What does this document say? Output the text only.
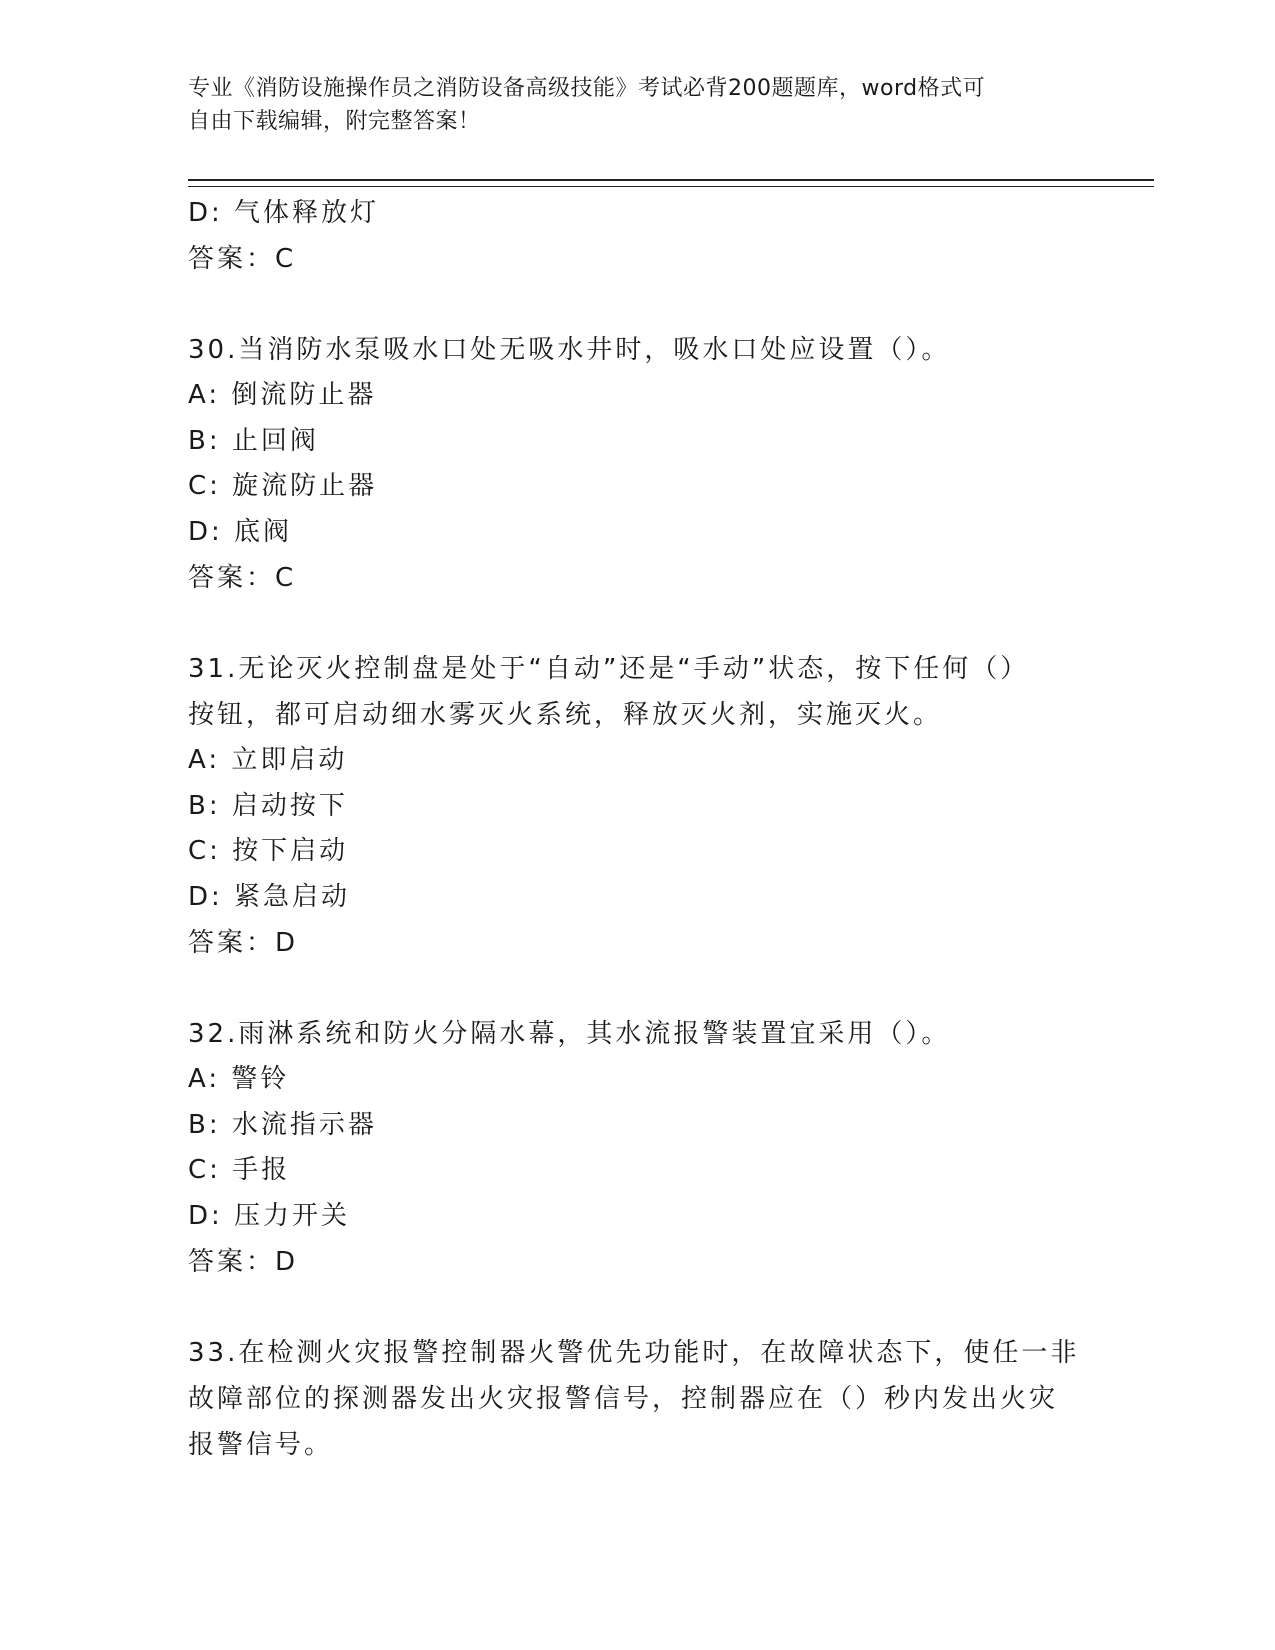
专业《消防设施操作员之消防设备高级技能》考试必背200题题库，word格式可
自由下载编辑，附完整答案！
D: 气体释放灯
答案：C
30.当消防水泵吸水口处无吸水井时，吸水口处应设置（）。
A: 倒流防止器
B: 止回阀
C: 旋流防止器
D: 底阀
答案：C
31.无论灭火控制盘是处于“自动”还是“手动”状态，按下任何（）
按钮，都可启动细水雾灭火系统，释放灭火剂，实施灭火。
A: 立即启动
B: 启动按下
C: 按下启动
D: 紧急启动
答案：D
32.雨淋系统和防火分隔水幕，其水流报警装置宜采用（）。
A: 警铃
B: 水流指示器
C: 手报
D: 压力开关
答案：D
33.在检测火灾报警控制器火警优先功能时，在故障状态下，使任一非
故障部位的探测器发出火灾报警信号，控制器应在（）秒内发出火灾
报警信号。
